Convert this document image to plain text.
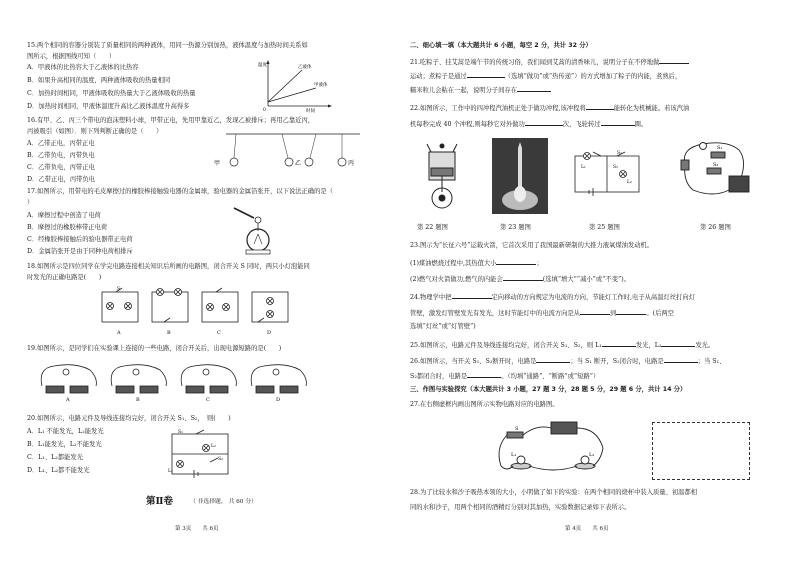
15.两个相同的容器分别装了质量相同的两种液体，用同一热源分别加热，液体温度与加热时间关系如
图所示，根据图线可知（　　）
A．甲液体的比热容大于乙液体的比热容
B．如果升高相同的温度，两种液体吸收的热量相同
C．加热时间相同，甲液体吸收的热量大于乙液体吸收的热量
D．加热时间相同，甲液体温度升高比乙液体温度升高得多
温度
时间
乙液体
甲液体
0
16.有甲、乙、丙三个带电的泡沫塑料小球，甲带正电，先用甲靠近乙，发现乙被排斥；再用乙靠近丙，
丙被吸引（如图）．则下列判断正确的是（　　）
A．乙带正电，丙带正电
B．乙带负电，丙带负电
C．乙带负电，丙带正电
D．乙带正电，丙带负电
甲	乙	丙
17.如图所示，用带电的毛皮摩擦过的橡胶棒接触验电器的金属球，验电器的金属箔张开，以下说法正确的是（
）
A．摩擦过程中创造了电荷
B．摩擦过的橡胶棒带正电荷
C．经橡胶棒接触后的验电器带正电荷
D．金属箔张开是由于同种电荷相排斥
18.如图所示是四位同学在学完电路连接相关知识后所画的电路图，闭合开关 S 同时，两只小灯泡能同
时发光的正确电路是(　　)
S
A	B	C	D
19.如图所示，是同学们在实验课上连接的一些电路，闭合开关后，出现电源短路的是(　　)
A	B	C	D
20.如图所示，电路元件及导线连接均完好，闭合开关 S₁、S₂，　则(　　)
A．L₁ 不能发光，L₂能发光
B．L₁能发光，L₂不能发光
C．L₁、L₂都能发光
D．L₁、L₂都不能发光
S₁
L₂
S₂
L₁
第Ⅱ卷	（ 非选择题， 共 60 分）
第 3页　　共 6页
二、细心填一填（本大题共计 6 小题，每空 2 分，共计 32 分）
21.吃粽子、挂艾蒿是端午节的传统习俗，我们闻到艾蒿的清香味儿，说明分子在不停地做
运动；煮粽子是通过	（选填“做功”或“热传递”）的方式增加了粽子的内能，煮熟后，
糯米粒儿会粘在一起，说明分子间存在
22.如图所示，工作中的四冲程汽油机正处于做功冲程,该冲程将	能转化为机械能。若该汽油
机每秒完成 40 个冲程,则每秒它对外做功	次，飞轮转过	圈。
L₁
S₁
L₂
S₂
S₁
S₂
第 22 题图	第 23 题图	第 25 题图	第 26 题图
23.图示为“长征六号”运载火箭，它首次采用了我国最新研制的大推力液氧煤油发动机。
(1)煤油燃烧过程中,其热值大小	；
(2)燃气对火箭做功,燃气的内能会	(选填“增大”“减小”或“不变”)。
24.物理学中把	定向移动的方向规定为电流的方向，节能灯工作时,电子从高温灯丝打向灯
管壁，激发灯管壁发光有发光，这时节能灯中的电流方向是从	到	。(后两空
选填“灯丝”或“灯管壁”)
25.如图所示，电路元件及导线连接均完好，闭合开关 S₁、S₂，则 L₁	发光，L₂	发光。
26.如图所示，当开关 S₁、S₂断开时，电路是	；当 S₁ 断开，S₂闭合时，电路是	；当 S₁、
S₂都闭合时，电路是	。（均填“通路”、“断路”或“短路”）
三、作图与实验探究（本大题共计 3 小题，27 题 3 分，28 题 5 分，29 题 6 分，共计 14 分）
27.在右侧虚框内画出图所示实物电路对应的电路图。
S
L₂
L₁
28.为了比较水和沙子吸热本领的大小，小明做了如下的实验：在两个相同的烧杯中装入质量、初温都相
同的水和沙子，用两个相同的酒精灯分别对其加热，实验数据记录如下表所示。
第 4页　　共 6页
